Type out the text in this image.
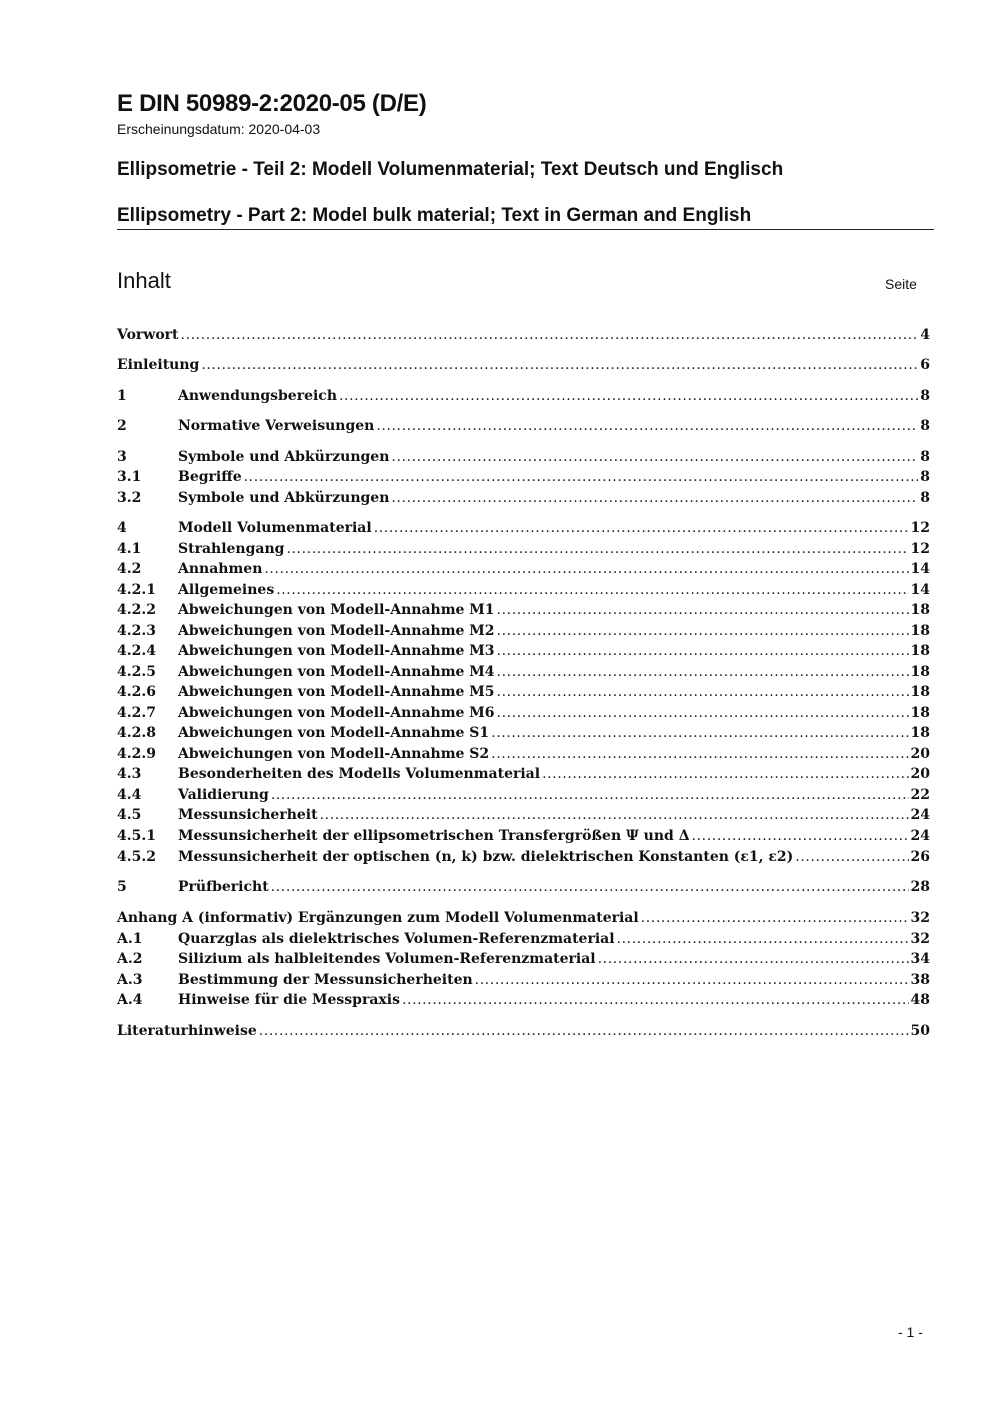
E DIN 50989-2:2020-05 (D/E)
Erscheinungsdatum: 2020-04-03
Ellipsometrie - Teil 2: Modell Volumenmaterial; Text Deutsch und Englisch
Ellipsometry - Part 2: Model bulk material; Text in German and English
Inhalt	Seite
Vorwort .....	4
Einleitung .....	6
1	Anwendungsbereich .....	8
2	Normative Verweisungen .....	8
3	Symbole und Abkürzungen .....	8
3.1	Begriffe .....	8
3.2	Symbole und Abkürzungen .....	8
4	Modell Volumenmaterial .....	12
4.1	Strahlengang .....	12
4.2	Annahmen .....	14
4.2.1	Allgemeines .....	14
4.2.2	Abweichungen von Modell-Annahme M1 .....	18
4.2.3	Abweichungen von Modell-Annahme M2 .....	18
4.2.4	Abweichungen von Modell-Annahme M3 .....	18
4.2.5	Abweichungen von Modell-Annahme M4 .....	18
4.2.6	Abweichungen von Modell-Annahme M5 .....	18
4.2.7	Abweichungen von Modell-Annahme M6 .....	18
4.2.8	Abweichungen von Modell-Annahme S1 .....	18
4.2.9	Abweichungen von Modell-Annahme S2 .....	20
4.3	Besonderheiten des Modells Volumenmaterial .....	20
4.4	Validierung .....	22
4.5	Messunsicherheit .....	24
4.5.1	Messunsicherheit der ellipsometrischen Transfergrößen Ψ und Δ .....	24
4.5.2	Messunsicherheit der optischen (n, k) bzw. dielektrischen Konstanten (ε1, ε2) .....	26
5	Prüfbericht .....	28
Anhang A (informativ) Ergänzungen zum Modell Volumenmaterial .....	32
A.1	Quarzglas als dielektrisches Volumen-Referenzmaterial .....	32
A.2	Silizium als halbleitendes Volumen-Referenzmaterial .....	34
A.3	Bestimmung der Messunsicherheiten .....	38
A.4	Hinweise für die Messpraxis .....	48
Literaturhinweise .....	50
- 1 -
